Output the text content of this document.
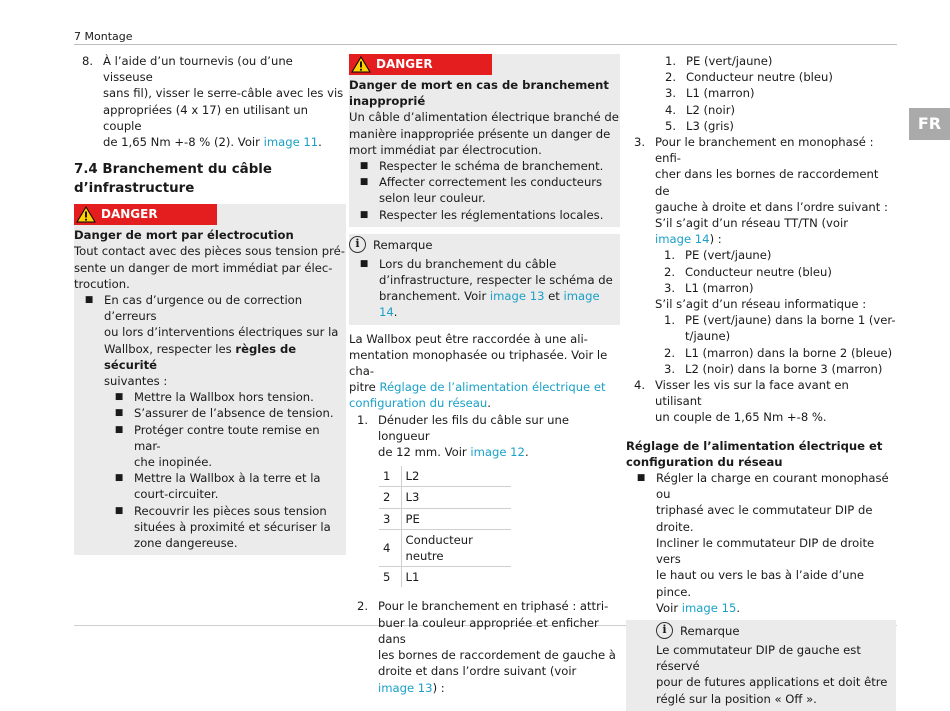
7 Montage
FR
8. À l’aide d’un tournevis (ou d’une visseuse
sans fil), visser le serre-câble avec les vis
appropriées (4 x 17) en utilisant un couple
de 1,65 Nm +-8 % (2). Voir image 11.
7.4 Branchement du câble
d’infrastructure
DANGER
Danger de mort par électrocution
Tout contact avec des pièces sous tension pré-
sente un danger de mort immédiat par élec-
trocution.
■ En cas d’urgence ou de correction d’erreurs
ou lors d’interventions électriques sur la
Wallbox, respecter les règles de sécurité
suivantes :
■ Mettre la Wallbox hors tension.
■ S’assurer de l’absence de tension.
■ Protéger contre toute remise en mar-
che inopinée.
■ Mettre la Wallbox à la terre et la
court-circuiter.
■ Recouvrir les pièces sous tension
situées à proximité et sécuriser la
zone dangereuse.
DANGER
Danger de mort en cas de branchement
inapproprié
Un câble d’alimentation électrique branché de
manière inappropriée présente un danger de
mort immédiat par électrocution.
■ Respecter le schéma de branchement.
■ Affecter correctement les conducteurs
selon leur couleur.
■ Respecter les réglementations locales.
i	Remarque
■ Lors du branchement du câble
d’infrastructure, respecter le schéma de
branchement. Voir image 13 et image 14.
La Wallbox peut être raccordée à une ali-
mentation monophasée ou triphasée. Voir le cha-
pitre Réglage de l’alimentation électrique et
configuration du réseau.
1. Dénuder les fils du câble sur une longueur
de 12 mm. Voir image 12.
1	L2
2	L3
3	PE
4	Conducteur neutre
5	L1
2. Pour le branchement en triphasé : attri-
buer la couleur appropriée et enficher dans
les bornes de raccordement de gauche à
droite et dans l’ordre suivant (voir
image 13) :
1. PE (vert/jaune)
2. Conducteur neutre (bleu)
3. L1 (marron)
4. L2 (noir)
5. L3 (gris)
3. Pour le branchement en monophasé : enfi-
cher dans les bornes de raccordement de
gauche à droite et dans l’ordre suivant :
S’il s’agit d’un réseau TT/TN (voir
image 14) :
1. PE (vert/jaune)
2. Conducteur neutre (bleu)
3. L1 (marron)
S’il s’agit d’un réseau informatique :
1. PE (vert/jaune) dans la borne 1 (ver-
t/jaune)
2. L1 (marron) dans la borne 2 (bleue)
3. L2 (noir) dans la borne 3 (marron)
4. Visser les vis sur la face avant en utilisant
un couple de 1,65 Nm +-8 %.
Réglage de l’alimentation électrique et
configuration du réseau
■ Régler la charge en courant monophasé ou
triphasé avec le commutateur DIP de
droite.
Incliner le commutateur DIP de droite vers
le haut ou vers le bas à l’aide d’une pince.
Voir image 15.
i	Remarque
Le commutateur DIP de gauche est réservé
pour de futures applications et doit être
réglé sur la position « Off ».
